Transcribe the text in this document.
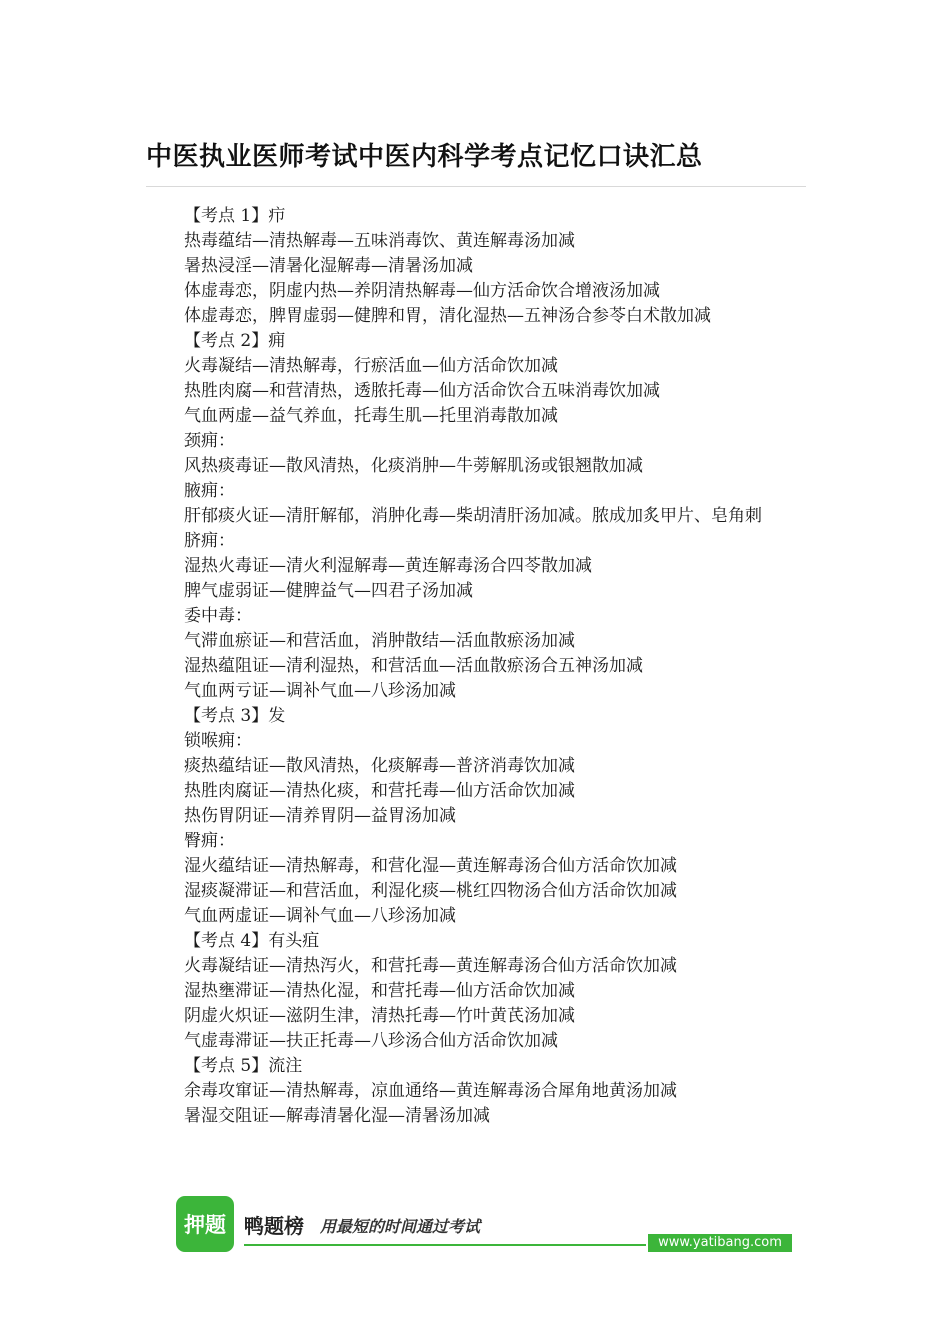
中医执业医师考试中医内科学考点记忆口诀汇总
【考点 1】疖
热毒蕴结—清热解毒—五味消毒饮、黄连解毒汤加减
暑热浸淫—清暑化湿解毒—清暑汤加减
体虚毒恋，阴虚内热—养阴清热解毒—仙方活命饮合增液汤加减
体虚毒恋，脾胃虚弱—健脾和胃，清化湿热—五神汤合参苓白术散加减
【考点 2】痈
火毒凝结—清热解毒，行瘀活血—仙方活命饮加减
热胜肉腐—和营清热，透脓托毒—仙方活命饮合五味消毒饮加减
气血两虚—益气养血，托毒生肌—托里消毒散加减
颈痈：
风热痰毒证—散风清热，化痰消肿—牛蒡解肌汤或银翘散加减
腋痈：
肝郁痰火证—清肝解郁，消肿化毒—柴胡清肝汤加减。脓成加炙甲片、皂角刺
脐痈：
湿热火毒证—清火利湿解毒—黄连解毒汤合四苓散加减
脾气虚弱证—健脾益气—四君子汤加减
委中毒：
气滞血瘀证—和营活血，消肿散结—活血散瘀汤加减
湿热蕴阻证—清利湿热，和营活血—活血散瘀汤合五神汤加减
气血两亏证—调补气血—八珍汤加减
【考点 3】发
锁喉痈：
痰热蕴结证—散风清热，化痰解毒—普济消毒饮加减
热胜肉腐证—清热化痰，和营托毒—仙方活命饮加减
热伤胃阴证—清养胃阴—益胃汤加减
臀痈：
湿火蕴结证—清热解毒，和营化湿—黄连解毒汤合仙方活命饮加减
湿痰凝滞证—和营活血，利湿化痰—桃红四物汤合仙方活命饮加减
气血两虚证—调补气血—八珍汤加减
【考点 4】有头疽
火毒凝结证—清热泻火，和营托毒—黄连解毒汤合仙方活命饮加减
湿热壅滞证—清热化湿，和营托毒—仙方活命饮加减
阴虚火炽证—滋阴生津，清热托毒—竹叶黄芪汤加减
气虚毒滞证—扶正托毒—八珍汤合仙方活命饮加减
【考点 5】流注
余毒攻窜证—清热解毒，凉血通络—黄连解毒汤合犀角地黄汤加减
暑湿交阻证—解毒清暑化湿—清暑汤加减
押题 鸭题榜 用最短的时间通过考试
www.yatibang.com
